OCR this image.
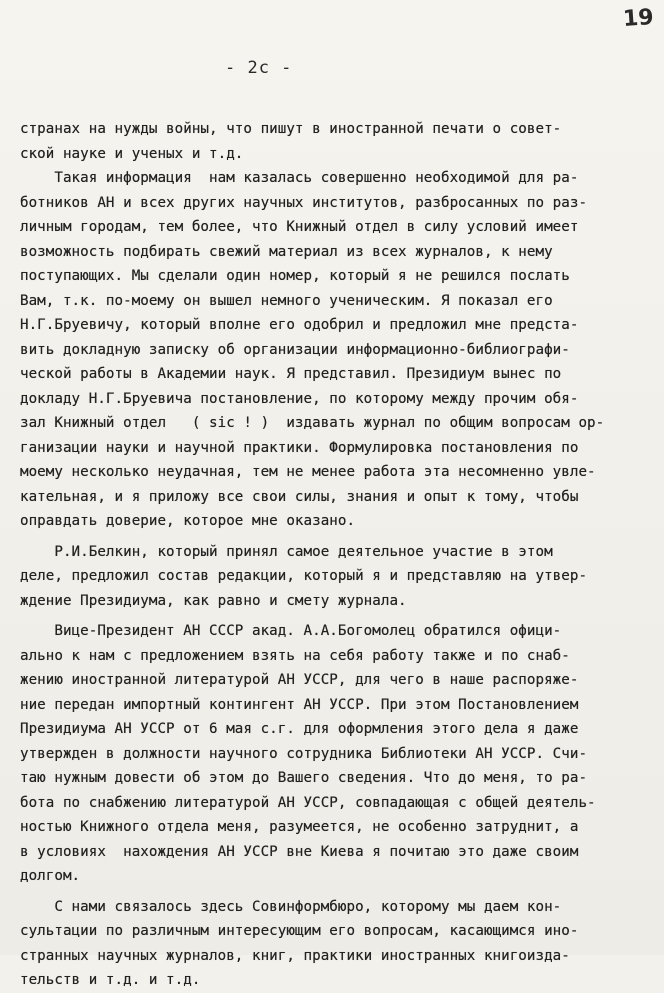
19
- 2с -
странах на нужды войны, что пишут в иностранной печати о совет-
ской науке и ученых и т.д.
Такая информация  нам казалась совершенно необходимой для ра-
ботников АН и всех других научных институтов, разбросанных по раз-
личным городам, тем более, что Книжный отдел в силу условий имеет
возможность подбирать свежий материал из всех журналов, к нему
поступающих. Мы сделали один номер, который я не решился послать
Вам, т.к. по-моему он вышел немного ученическим. Я показал его
Н.Г.Бруевичу, который вполне его одобрил и предложил мне предста-
вить докладную записку об организации информационно-библиографи-
ческой работы в Академии наук. Я представил. Президиум вынес по
докладу Н.Г.Бруевича постановление, по которому между прочим обя-
зал Книжный отдел   ( sic ! )  издавать журнал по общим вопросам ор-
ганизации науки и научной практики. Формулировка постановления по
моему несколько неудачная, тем не менее работа эта несомненно увле-
кательная, и я приложу все свои силы, знания и опыт к тому, чтобы
оправдать доверие, которое мне оказано.
Р.И.Белкин, который принял самое деятельное участие в этом
деле, предложил состав редакции, который я и представляю на утвер-
ждение Президиума, как равно и смету журнала.
Вице-Президент АН СССР акад. А.А.Богомолец обратился офици-
ально к нам с предложением взять на себя работу также и по снаб-
жению иностранной литературой АН УССР, для чего в наше распоряже-
ние передан импортный контингент АН УССР. При этом Постановлением
Президиума АН УССР от 6 мая с.г. для оформления этого дела я даже
утвержден в должности научного сотрудника Библиотеки АН УССР. Счи-
таю нужным довести об этом до Вашего сведения. Что до меня, то ра-
бота по снабжению литературой АН УССР, совпадающая с общей деятель-
ностью Книжного отдела меня, разумеется, не особенно затруднит, а
в условиях  нахождения АН УССР вне Киева я почитаю это даже своим
долгом.
С нами связалось здесь Совинформбюро, которому мы даем кон-
сультации по различным интересующим его вопросам, касающимся ино-
странных научных журналов, книг, практики иностранных книгоизда-
тельств и т.д. и т.д.
